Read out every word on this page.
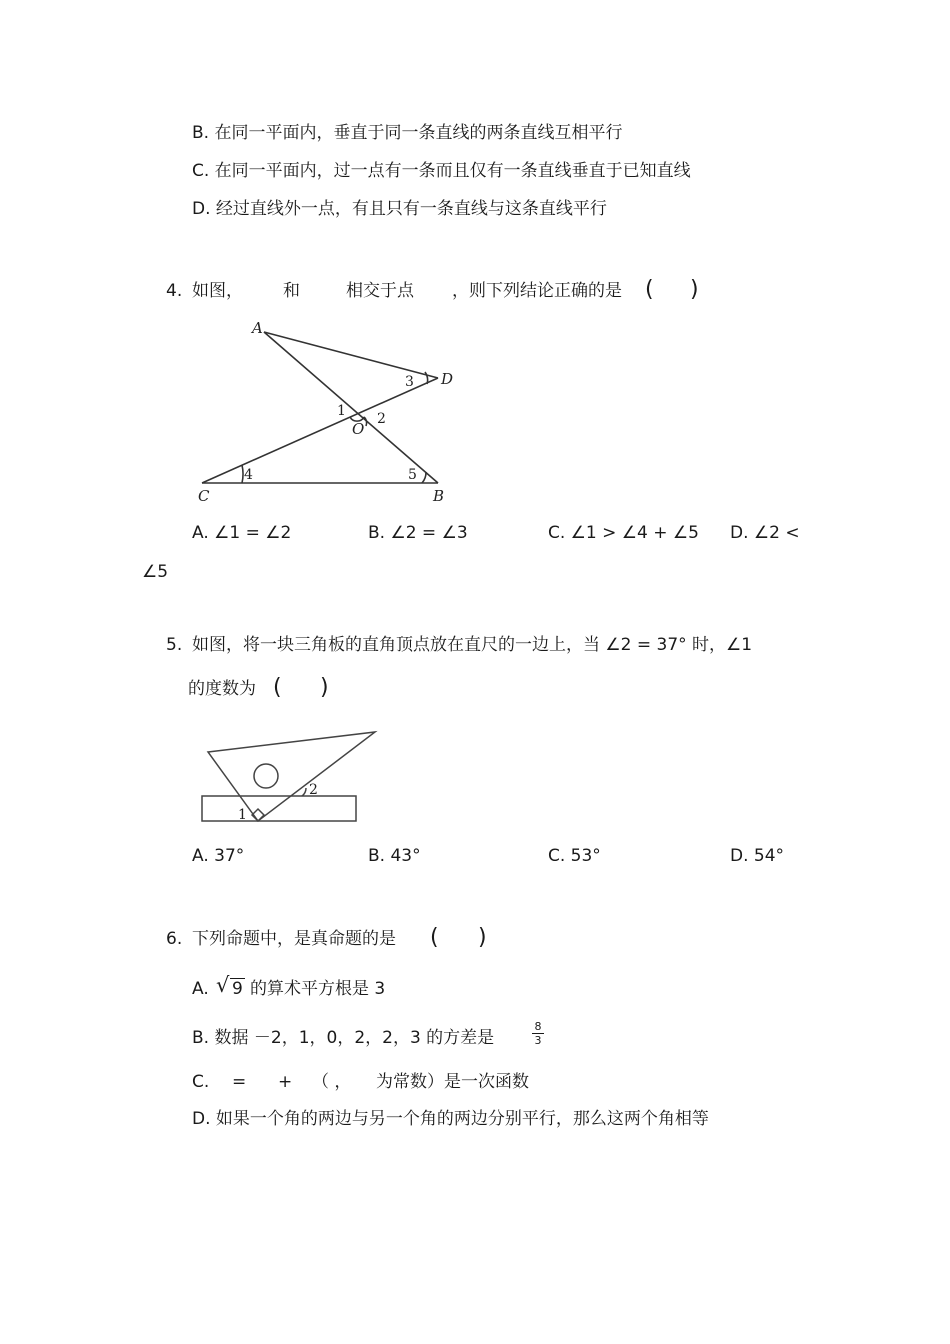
B. 在同一平面内，垂直于同一条直线的两条直线互相平行
C. 在同一平面内，过一点有一条而且仅有一条直线垂直于已知直线
D. 经过直线外一点，有且只有一条直线与这条直线平行
4. 如图， 和	相交于点 ，则下列结论正确的是 ( )
A
D
C	B
O
1 2
3
4	5
A. ∠1 = ∠2	B. ∠2 = ∠3	C. ∠1 > ∠4 + ∠5 D. ∠2 <
∠5
5. 如图，将一块三角板的直角顶点放在直尺的一边上，当 ∠2 = 37° 时，∠1
的度数为 ( )
1
2
A. 37°	B. 43°	C. 53°	D. 54°
6. 下列命题中，是真命题的是 ( )
A. √ 9 的算术平方根是 3
B. 数据 －2，1，0，2，2，3 的方差是	$\frac{8}{3}$
C. = + （ ， 为常数）是一次函数
D. 如果一个角的两边与另一个角的两边分别平行，那么这两个角相等
